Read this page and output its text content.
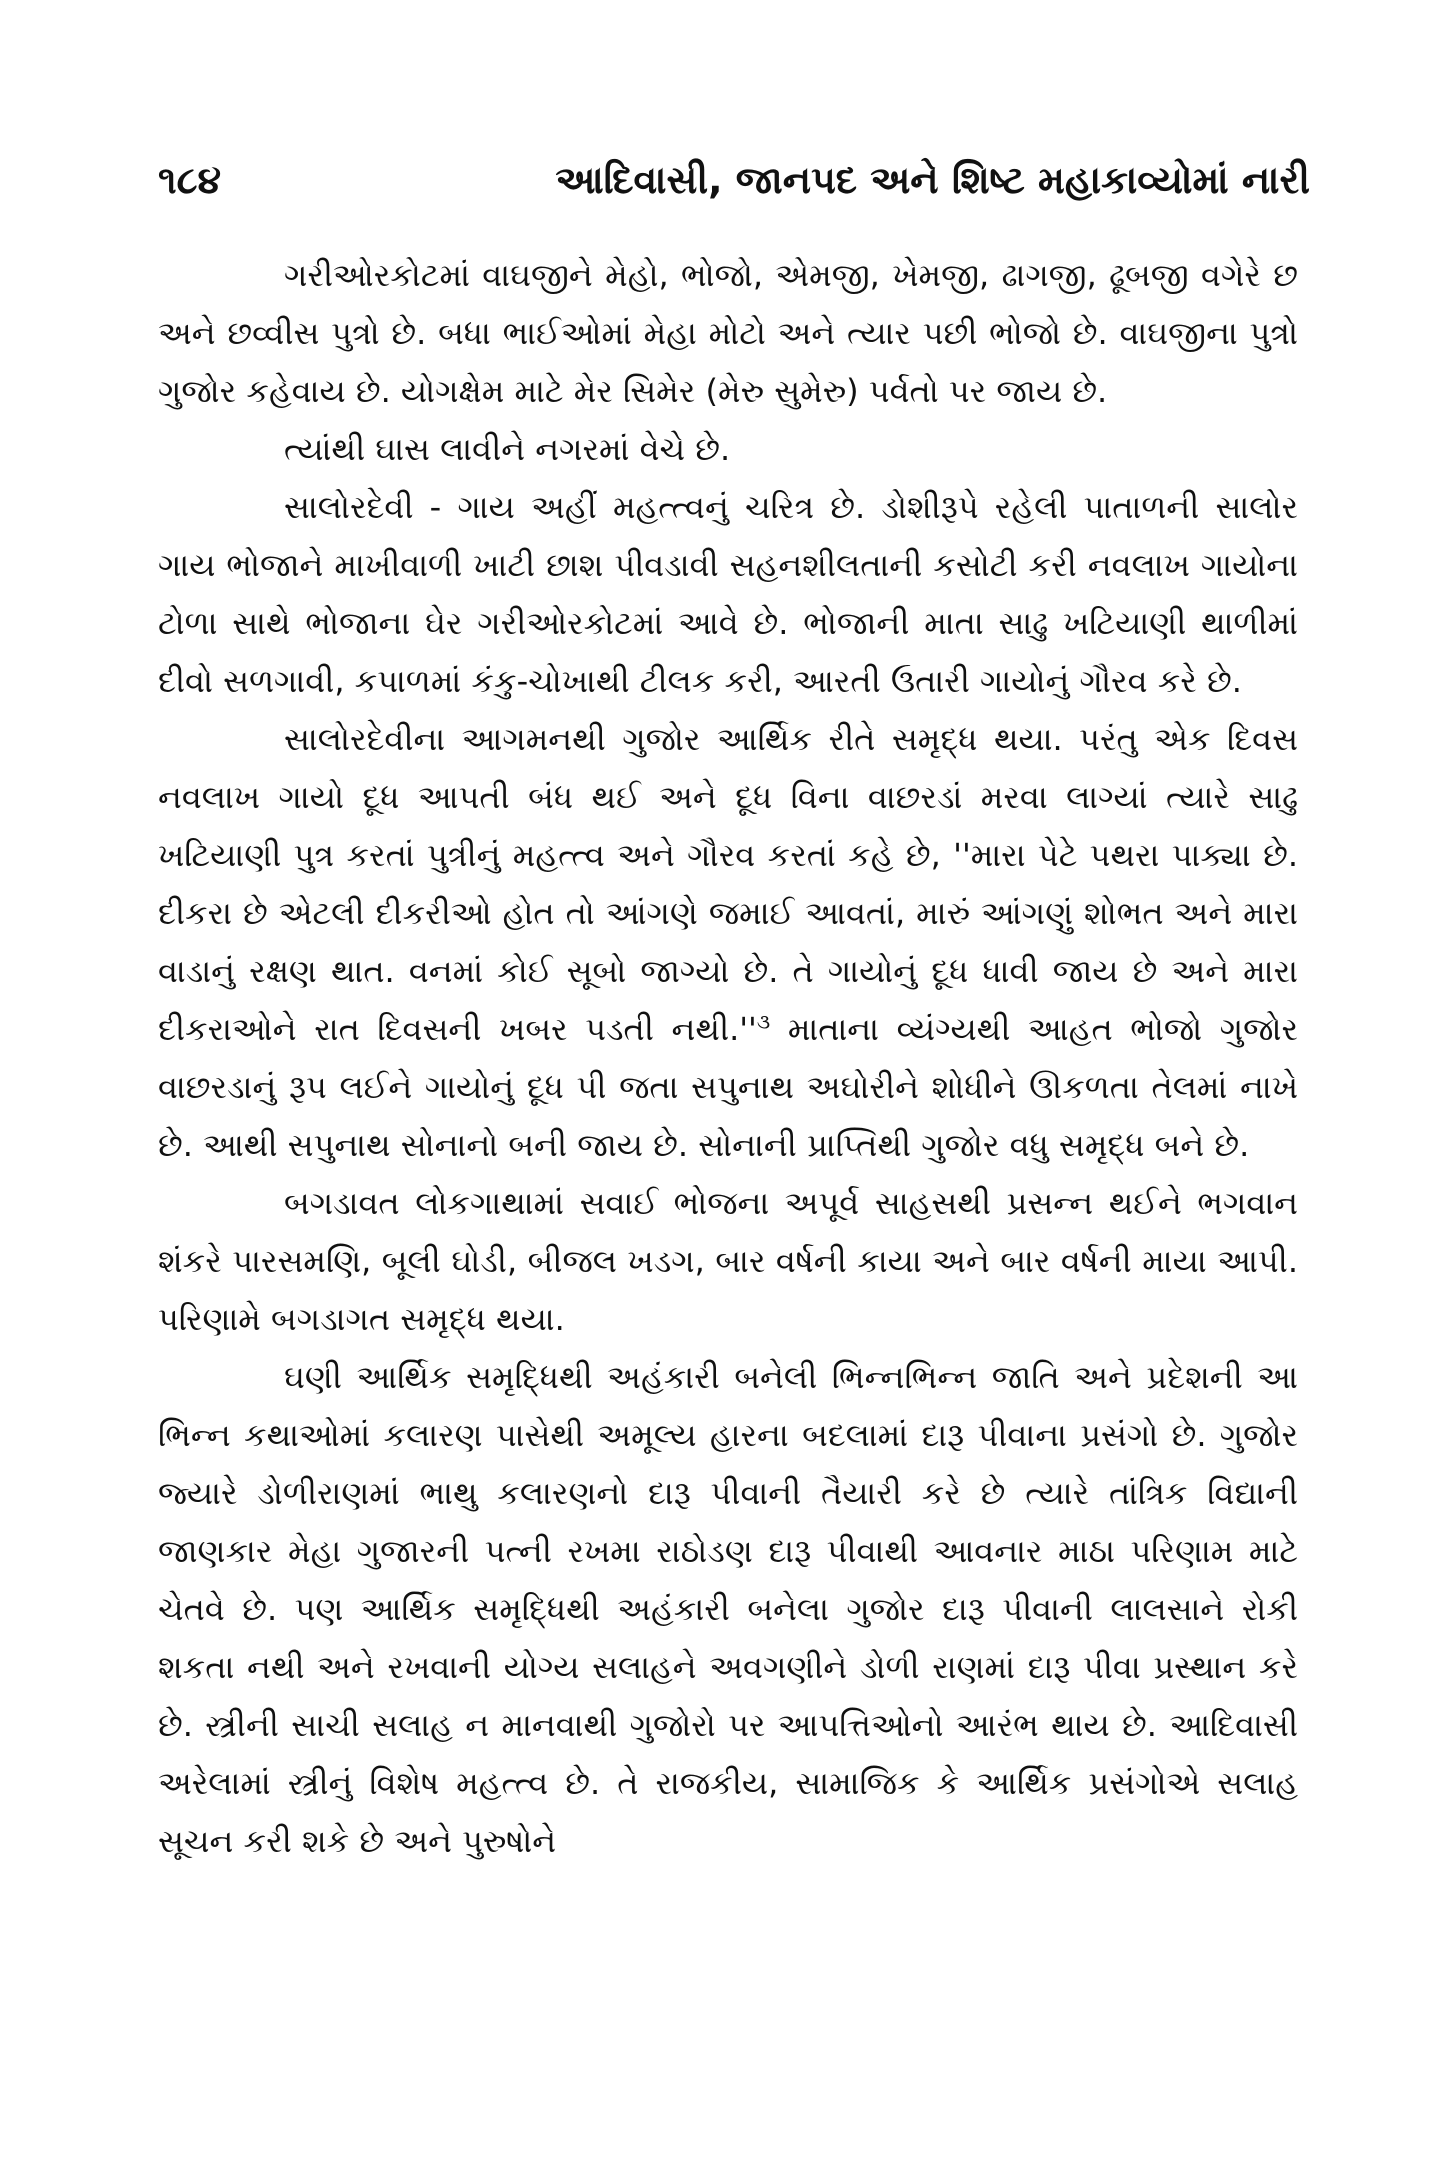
૧૮૪	આદિવાસી, જાનપદ અને શિષ્ટ મહાકાવ્યોમાં નારી

ગરીઓરકોટમાં વાઘજીને મેહો, ભોજો, એમજી, ખેમજી, ઢાગજી, ઢૂબજી વગેરે છ અને છવ્વીસ પુત્રો છે. બધા ભાઈઓમાં મેહા મોટો અને ત્યાર પછી ભોજો છે. વાઘજીના પુત્રો ગુજોર કહેવાય છે. યોગક્ષેમ માટે મેર સિમેર (મેરુ સુમેરુ) પર્વતો પર જાય છે.

ત્યાંથી ઘાસ લાવીને નગરમાં વેચે છે.

સાલોરદેવી - ગાય અહીં મહત્ત્વનું ચરિત્ર છે. ડોશીરૂપે રહેલી પાતાળની સાલોર ગાય ભોજાને માખીવાળી ખાટી છાશ પીવડાવી સહનશીલતાની કસોટી કરી નવલાખ ગાયોના ટોળા સાથે ભોજાના ઘેર ગરીઓરકોટમાં આવે છે. ભોજાની માતા સાઢુ ખટિયાણી થાળીમાં દીવો સળગાવી, કપાળમાં કંકુ-ચોખાથી ટીલક કરી, આરતી ઉતારી ગાયોનું ગૌરવ કરે છે.

સાલોરદેવીના આગમનથી ગુજોર આર્થિક રીતે સમૃદ્ધ થયા. પરંતુ એક દિવસ નવલાખ ગાયો દૂધ આપતી બંધ થઈ અને દૂધ વિના વાછરડાં મરવા લાગ્યાં ત્યારે સાઢુ ખટિયાણી પુત્ર કરતાં પુત્રીનું મહત્ત્વ અને ગૌરવ કરતાં કહે છે, ''મારા પેટે પથરા પાક્યા છે. દીકરા છે એટલી દીકરીઓ હોત તો આંગણે જમાઈ આવતાં, મારું આંગણું શોભત અને મારા વાડાનું રક્ષણ થાત. વનમાં કોઈ સૂબો જાગ્યો છે. તે ગાયોનું દૂધ ધાવી જાય છે અને મારા દીકરાઓને રાત દિવસની ખબર પડતી નથી.''$^૩$ માતાના વ્યંગ્યથી આહત ભોજો ગુજોર વાછરડાનું રૂપ લઈને ગાયોનું દૂધ પી જતા સપુનાથ અઘોરીને શોધીને ઊકળતા તેલમાં નાખે છે. આથી સપુનાથ સોનાનો બની જાય છે. સોનાની પ્રાપ્તિથી ગુજોર વધુ સમૃદ્ધ બને છે.

બગડાવત લોકગાથામાં સવાઈ ભોજના અપૂર્વ સાહસથી પ્રસન્ન થઈને ભગવાન શંકરે પારસમણિ, બૂલી ઘોડી, બીજલ ખડગ, બાર વર્ષની કાયા અને બાર વર્ષની માયા આપી. પરિણામે બગડાગત સમૃદ્ધ થયા.

ઘણી આર્થિક સમૃદ્ધિથી અહંકારી બનેલી ભિન્નભિન્ન જાતિ અને પ્રદેશની આ ભિન્ન કથાઓમાં કલારણ પાસેથી અમૂલ્ય હારના બદલામાં દારૂ પીવાના પ્રસંગો છે. ગુજોર જ્યારે ડોળીરાણમાં ભાથુ કલારણનો દારૂ પીવાની તૈયારી કરે છે ત્યારે તાંત્રિક વિદ્યાની જાણકાર મેહા ગુજારની પત્ની રખમા રાઠોડણ દારૂ પીવાથી આવનાર માઠા પરિણામ માટે ચેતવે છે. પણ આર્થિક સમૃદ્ધિથી અહંકારી બનેલા ગુજોર દારૂ પીવાની લાલસાને રોકી શકતા નથી અને રખવાની યોગ્ય સલાહને અવગણીને ડોળી રાણમાં દારૂ પીવા પ્રસ્થાન કરે છે. સ્ત્રીની સાચી સલાહ ન માનવાથી ગુજોરો પર આપત્તિઓનો આરંભ થાય છે. આદિવાસી અરેલામાં સ્ત્રીનું વિશેષ મહત્ત્વ છે. તે રાજકીય, સામાજિક કે આર્થિક પ્રસંગોએ સલાહ સૂચન કરી શકે છે અને પુરુષોને
